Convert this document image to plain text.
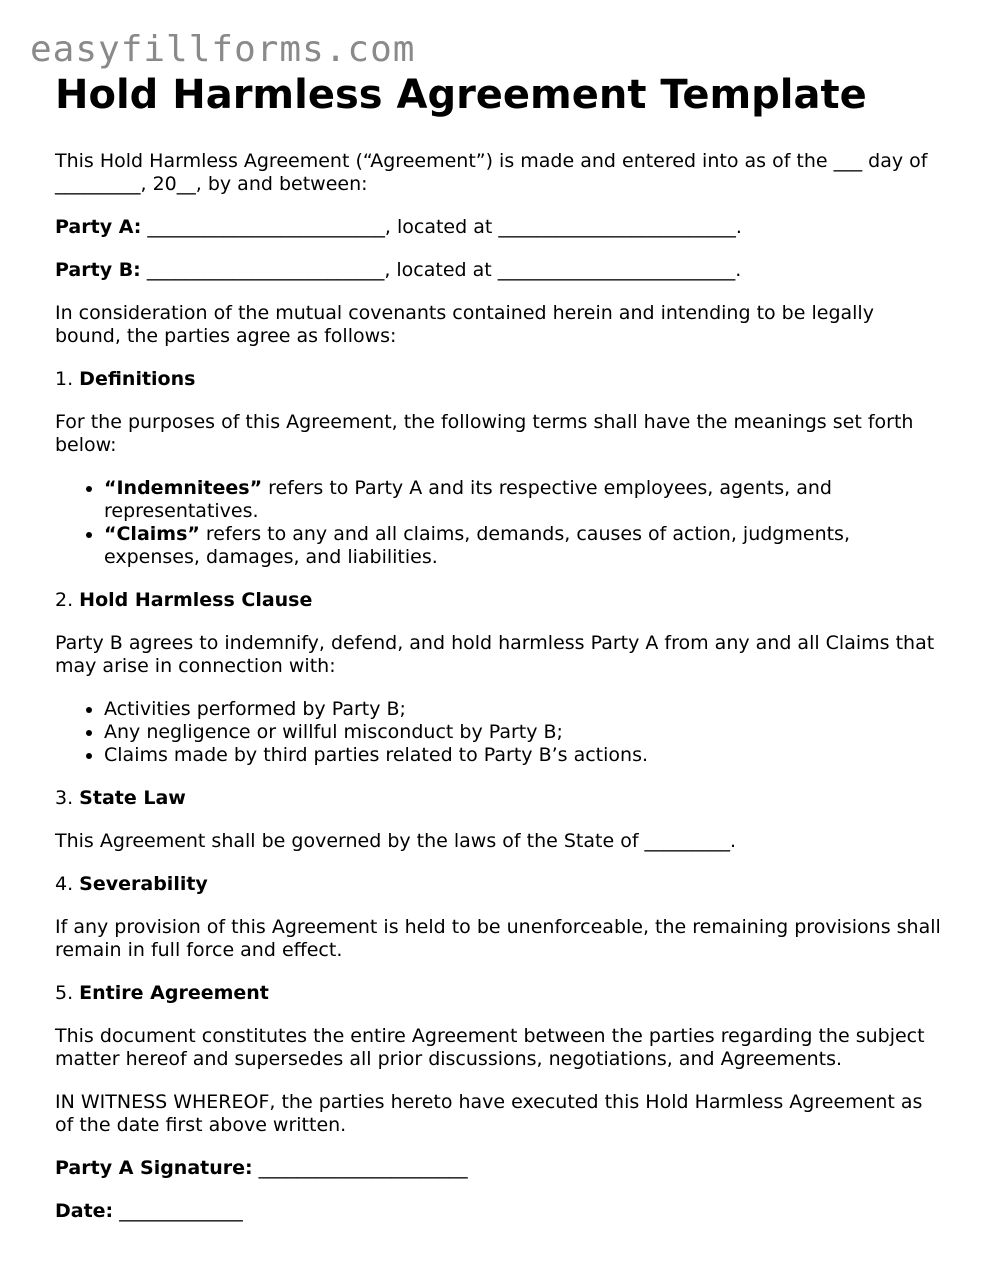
easyfillforms.com
Hold Harmless Agreement Template

This Hold Harmless Agreement (“Agreement”) is made and entered into as of the ___ day of _________, 20__, by and between:

Party A: _________________________, located at _________________________.

Party B: _________________________, located at _________________________.

In consideration of the mutual covenants contained herein and intending to be legally bound, the parties agree as follows:

1. Definitions

For the purposes of this Agreement, the following terms shall have the meanings set forth below:

• “Indemnitees” refers to Party A and its respective employees, agents, and representatives.
• “Claims” refers to any and all claims, demands, causes of action, judgments, expenses, damages, and liabilities.

2. Hold Harmless Clause

Party B agrees to indemnify, defend, and hold harmless Party A from any and all Claims that may arise in connection with:

• Activities performed by Party B;
• Any negligence or willful misconduct by Party B;
• Claims made by third parties related to Party B’s actions.

3. State Law

This Agreement shall be governed by the laws of the State of _________.

4. Severability

If any provision of this Agreement is held to be unenforceable, the remaining provisions shall remain in full force and effect.

5. Entire Agreement

This document constitutes the entire Agreement between the parties regarding the subject matter hereof and supersedes all prior discussions, negotiations, and Agreements.

IN WITNESS WHEREOF, the parties hereto have executed this Hold Harmless Agreement as of the date first above written.

Party A Signature: ______________________

Date: _____________
